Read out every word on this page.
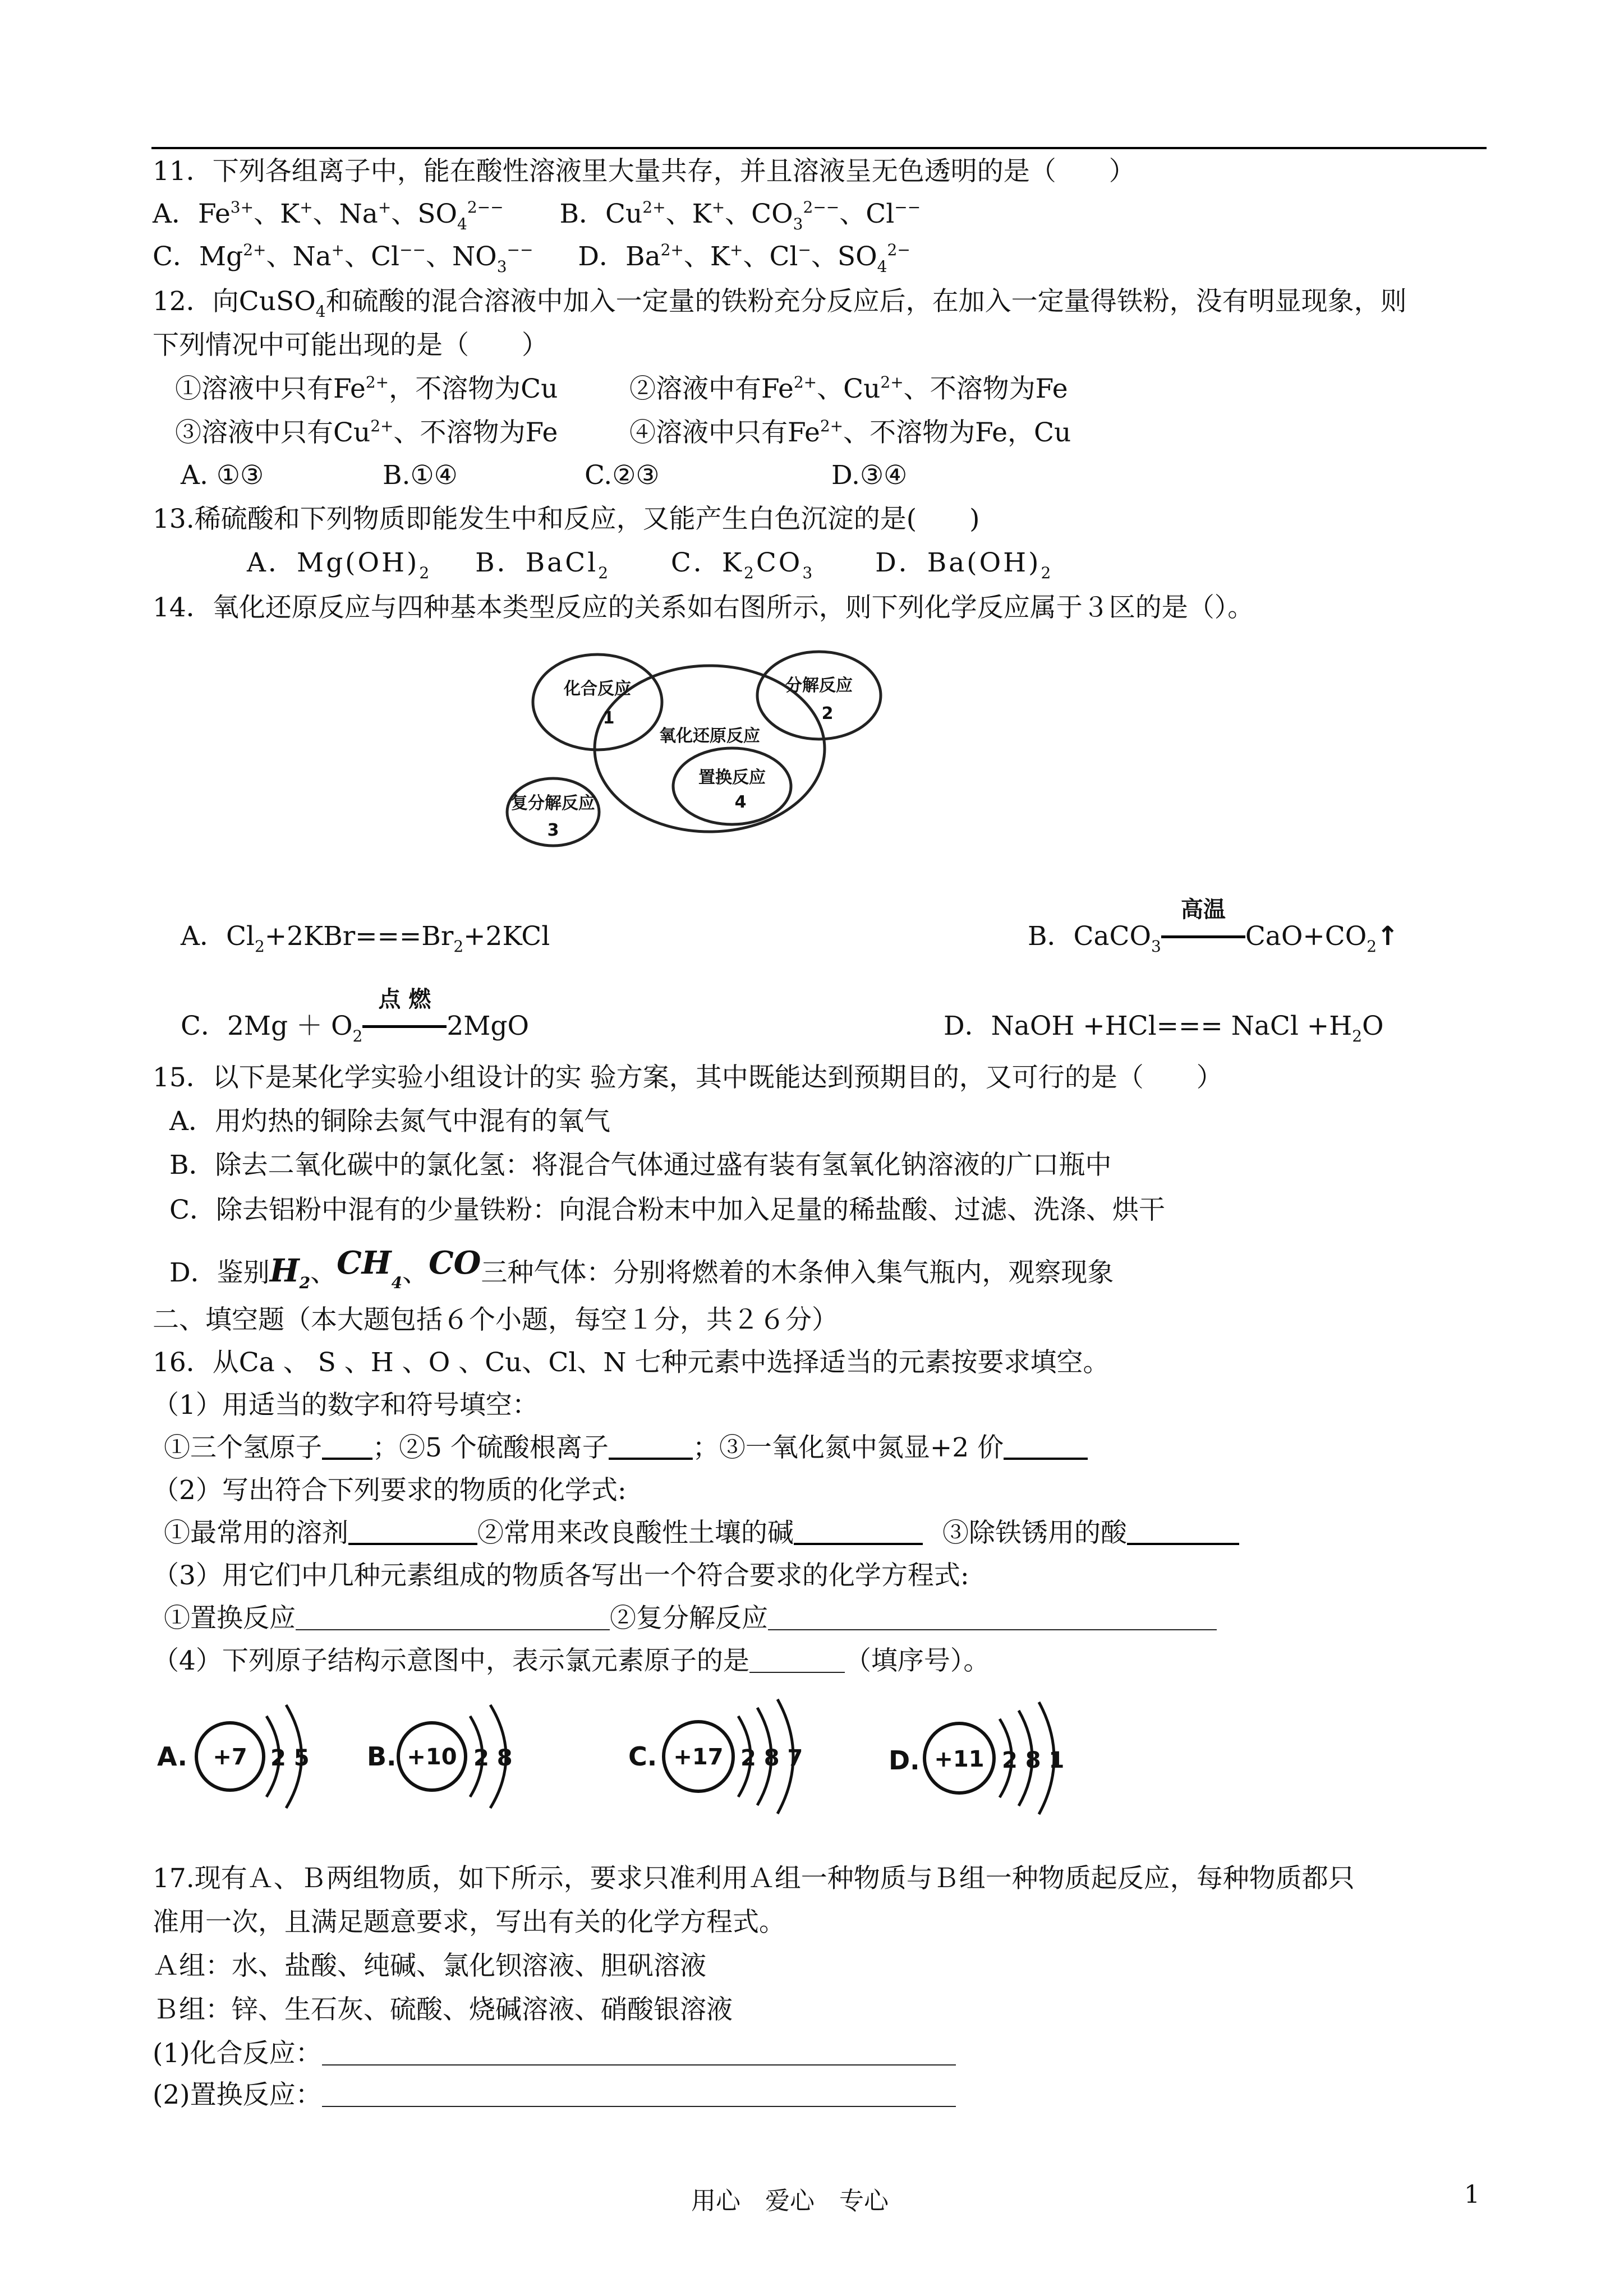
11．下列各组离子中，能在酸性溶液里大量共存，并且溶液呈无色透明的是（　　）
A．$Fe^{3+}$、K+、Na+、$SO_4^{2--}$ B．$Cu^{2+}$、K+、$CO_3^{2--}$、Cl−−
C．$Mg^{2+}$、Na+、Cl−−、$NO_3^{--}$ D．$Ba^{2+}$、K+、Cl−、$SO_4^{2-}$
12．向CuSO$_4$和硫酸的混合溶液中加入一定量的铁粉充分反应后，在加入一定量得铁粉，没有明显现象，则
下列情况中可能出现的是（　　）
①溶液中只有$Fe^{2+}$，不溶物为Cu	②溶液中有$Fe^{2+}$、$Cu^{2+}$、不溶物为Fe
③溶液中只有$Cu^{2+}$、不溶物为Fe	④溶液中只有$Fe^{2+}$、不溶物为Fe，Cu
A. ①③	B.①④	C.②③	D.③④
13.稀硫酸和下列物质即能发生中和反应，又能产生白色沉淀的是(　　)
A．$Mg(OH)_2$ B．BaCl$_2$ C．$K_2CO_3$ D．$Ba(OH)_2$
14．氧化还原反应与四种基本类型反应的关系如右图所示，则下列化学反应属于３区的是（）。
化合反应
1
分解反应
2
氧化还原反应
置换反应
4
复分解反应
3
A．$Cl_2+2KBr===Br_2+2KCl$	B．CaCO$_3$
高温
$CaO+CO_2↑$
C．$2Mg + O_2$
点 燃
2MgO	D．NaOH +HCl=== NaCl $+H_2O$
15．以下是某化学实验小组设计的实 验方案，其中既能达到预期目的，又可行的是（　　）
A．用灼热的铜除去氮气中混有的氧气
B．除去二氧化碳中的氯化氢：将混合气体通过盛有装有氢氧化钠溶液的广口瓶中
C．除去铝粉中混有的少量铁粉：向混合粉末中加入足量的稀盐酸、过滤、洗涤、烘干
D．鉴别$H_2$、$CH_4$、CO三种气体：分别将燃着的木条伸入集气瓶内，观察现象
二、填空题（本大题包括６个小题，每空１分，共２６分）
16．从Ca 、 S 、H 、O 、Cu、Cl、N 七种元素中选择适当的元素按要求填空。
（1）用适当的数字和符号填空：
①三个氢原子 ；②5 个硫酸根离子	；③一氧化氮中氮显+2 价
（2）写出符合下列要求的物质的化学式:
①最常用的溶剂	②常用来改良酸性土壤的碱	③除铁锈用的酸
（3）用它们中几种元素组成的物质各写出一个符合要求的化学方程式:
①置换反应	②复分解反应
（4）下列原子结构示意图中，表示氯元素原子的是	（填序号）。
A. +7 2 5 B. +10 2 8	C. +17 2 8 7	D. +11 2 8 1
17.现有Ａ、Ｂ两组物质，如下所示，要求只准利用Ａ组一种物质与Ｂ组一种物质起反应，每种物质都只
准用一次，且满足题意要求，写出有关的化学方程式。
Ａ组：水、盐酸、纯碱、氯化钡溶液、胆矾溶液
Ｂ组：锌、生石灰、硫酸、烧碱溶液、硝酸银溶液
(1)化合反应：
(2)置换反应：
用心　爱心　专心	1
